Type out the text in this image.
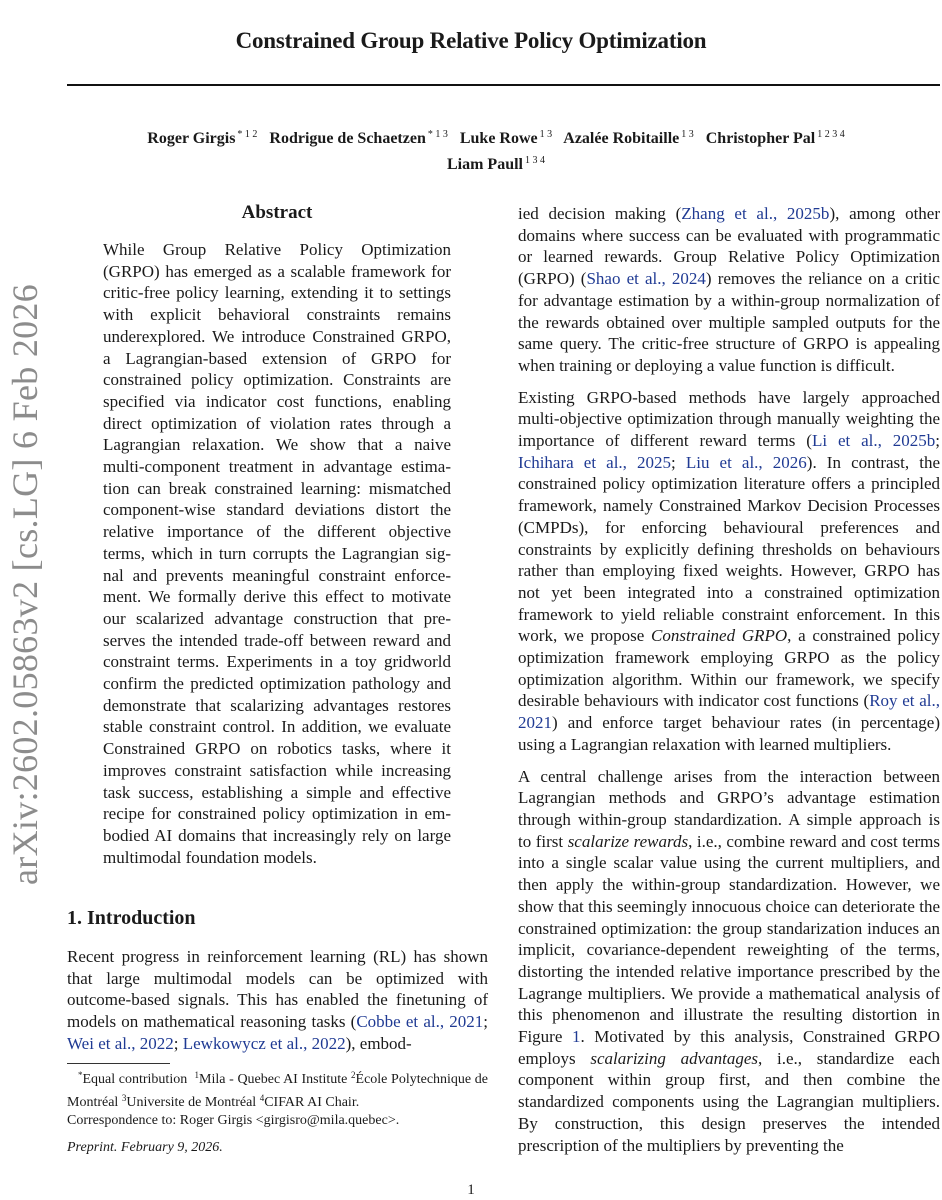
Constrained Group Relative Policy Optimization
Roger Girgis $^{* 1 2}$ Rodrigue de Schaetzen $^{* 1 3}$ Luke Rowe $^{1 3}$ Azalée Robitaille $^{1 3}$ Christopher Pal $^{1 2 3 4}$
Liam Paull $^{1 3 4}$
arXiv:2602.05863v2 [cs.LG] 6 Feb 2026
Abstract

While Group Relative Policy Optimization (GRPO) has emerged as a scalable framework for critic-free policy learning, extending it to settings with explicit behavioral constraints remains underexplored. We introduce Constrained GRPO, a Lagrangian-based extension of GRPO for constrained policy optimization. Constraints are specified via indicator cost functions, enabling direct optimization of violation rates through a Lagrangian relaxation. We show that a naive multi-component treatment in advantage estimation can break constrained learning: mismatched component-wise standard deviations distort the relative importance of the different objective terms, which in turn corrupts the Lagrangian signal and prevents meaningful constraint enforcement. We formally derive this effect to motivate our scalarized advantage construction that preserves the intended trade-off between reward and constraint terms. Experiments in a toy gridworld confirm the predicted optimization pathology and demonstrate that scalarizing advantages restores stable constraint control. In addition, we evaluate Constrained GRPO on robotics tasks, where it improves constraint satisfaction while increasing task success, establishing a simple and effective recipe for constrained policy optimization in embodied AI domains that increasingly rely on large multimodal foundation models.

1. Introduction

Recent progress in reinforcement learning (RL) has shown that large multimodal models can be optimized with outcome-based signals. This has enabled the finetuning of models on mathematical reasoning tasks (Cobbe et al., 2021; Wei et al., 2022; Lewkowycz et al., 2022), embod-

*Equal contribution  $^1$Mila - Quebec AI Institute $^2$École Polytechnique de Montréal $^3$Universite de Montréal $^4$CIFAR AI Chair.
Correspondence to: Roger Girgis <girgisro@mila.quebec>.

Preprint. February 9, 2026.

ied decision making (Zhang et al., 2025b), among other domains where success can be evaluated with programmatic or learned rewards. Group Relative Policy Optimization (GRPO) (Shao et al., 2024) removes the reliance on a critic for advantage estimation by a within-group normalization of the rewards obtained over multiple sampled outputs for the same query. The critic-free structure of GRPO is appealing when training or deploying a value function is difficult.

Existing GRPO-based methods have largely approached multi-objective optimization through manually weighting the importance of different reward terms (Li et al., 2025b; Ichihara et al., 2025; Liu et al., 2026). In contrast, the constrained policy optimization literature offers a principled framework, namely Constrained Markov Decision Processes (CMPDs), for enforcing behavioural preferences and constraints by explicitly defining thresholds on behaviours rather than employing fixed weights. However, GRPO has not yet been integrated into a constrained optimization framework to yield reliable constraint enforcement. In this work, we propose Constrained GRPO, a constrained policy optimization framework employing GRPO as the policy optimization algorithm. Within our framework, we specify desirable behaviours with indicator cost functions (Roy et al., 2021) and enforce target behaviour rates (in percentage) using a Lagrangian relaxation with learned multipliers.

A central challenge arises from the interaction between Lagrangian methods and GRPO’s advantage estimation through within-group standardization. A simple approach is to first scalarize rewards, i.e., combine reward and cost terms into a single scalar value using the current multipliers, and then apply the within-group standardization. However, we show that this seemingly innocuous choice can deteriorate the constrained optimization: the group standarization induces an implicit, covariance-dependent reweighting of the terms, distorting the intended relative importance prescribed by the Lagrange multipliers. We provide a mathematical analysis of this phenomenon and illustrate the resulting distortion in Figure 1. Motivated by this analysis, Constrained GRPO employs scalarizing advantages, i.e., standardize each component within group first, and then combine the standardized components using the Lagrangian multipliers. By construction, this design preserves the intended prescription of the multipliers by preventing the

1
